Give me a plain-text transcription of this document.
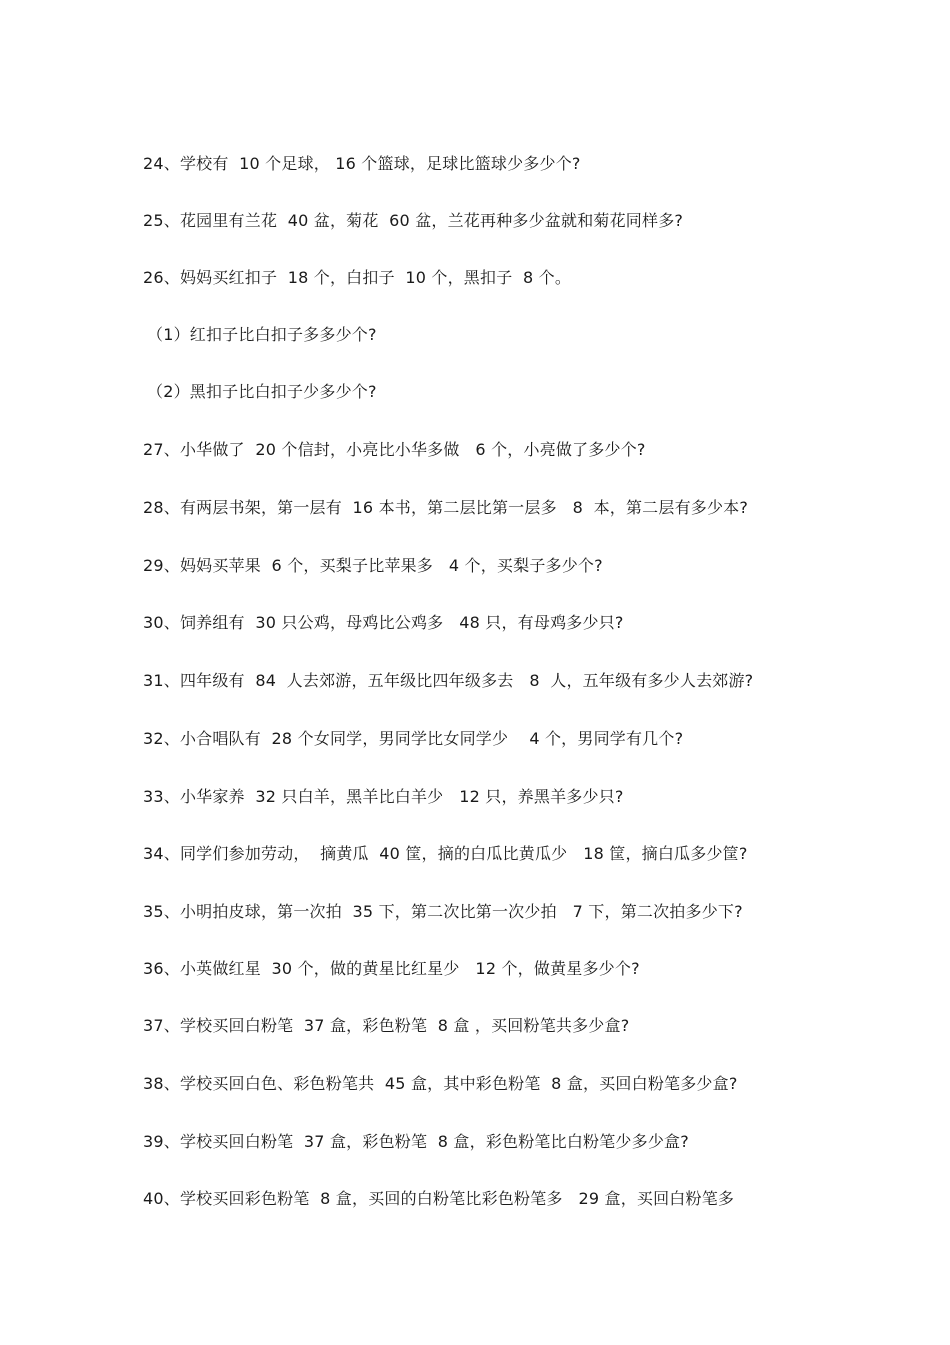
24、学校有  10 个足球， 16 个篮球，足球比篮球少多少个?
25、花园里有兰花  40 盆，菊花  60 盆，兰花再种多少盆就和菊花同样多?
26、妈妈买红扣子  18 个，白扣子  10 个，黑扣子  8 个。
（1）红扣子比白扣子多多少个?
（2）黑扣子比白扣子少多少个?
27、小华做了  20 个信封，小亮比小华多做   6 个，小亮做了多少个?
28、有两层书架，第一层有  16 本书，第二层比第一层多   8  本，第二层有多少本?
29、妈妈买苹果  6 个，买梨子比苹果多   4 个，买梨子多少个?
30、饲养组有  30 只公鸡，母鸡比公鸡多   48 只，有母鸡多少只?
31、四年级有  84  人去郊游，五年级比四年级多去   8  人，五年级有多少人去郊游?
32、小合唱队有  28 个女同学，男同学比女同学少    4 个，男同学有几个?
33、小华家养  32 只白羊，黑羊比白羊少   12 只，养黑羊多少只?
34、同学们参加劳动，  摘黄瓜  40 筐，摘的白瓜比黄瓜少   18 筐，摘白瓜多少筐?
35、小明拍皮球，第一次拍  35 下，第二次比第一次少拍   7 下，第二次拍多少下?
36、小英做红星  30 个，做的黄星比红星少   12 个，做黄星多少个?
37、学校买回白粉笔  37 盒，彩色粉笔  8 盒 ，买回粉笔共多少盒?
38、学校买回白色、彩色粉笔共  45 盒，其中彩色粉笔  8 盒，买回白粉笔多少盒?
39、学校买回白粉笔  37 盒，彩色粉笔  8 盒，彩色粉笔比白粉笔少多少盒?
40、学校买回彩色粉笔  8 盒，买回的白粉笔比彩色粉笔多   29 盒，买回白粉笔多
